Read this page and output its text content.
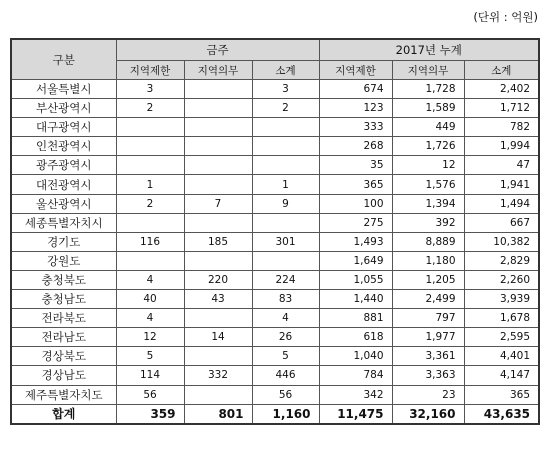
(단위 : 억원)
구분	금주			2017년 누계		
	지역제한	지역의무	소계	지역제한	지역의무	소계
서울특별시	3		3	674	1,728	2,402
부산광역시	2		2	123	1,589	1,712
대구광역시				333	449	782
인천광역시				268	1,726	1,994
광주광역시				35	12	47
대전광역시	1		1	365	1,576	1,941
울산광역시	2	7	9	100	1,394	1,494
세종특별자치시				275	392	667
경기도	116	185	301	1,493	8,889	10,382
강원도				1,649	1,180	2,829
충청북도	4	220	224	1,055	1,205	2,260
충청남도	40	43	83	1,440	2,499	3,939
전라북도	4		4	881	797	1,678
전라남도	12	14	26	618	1,977	2,595
경상북도	5		5	1,040	3,361	4,401
경상남도	114	332	446	784	3,363	4,147
제주특별자치도	56		56	342	23	365
합계	359	801	1,160	11,475	32,160	43,635
